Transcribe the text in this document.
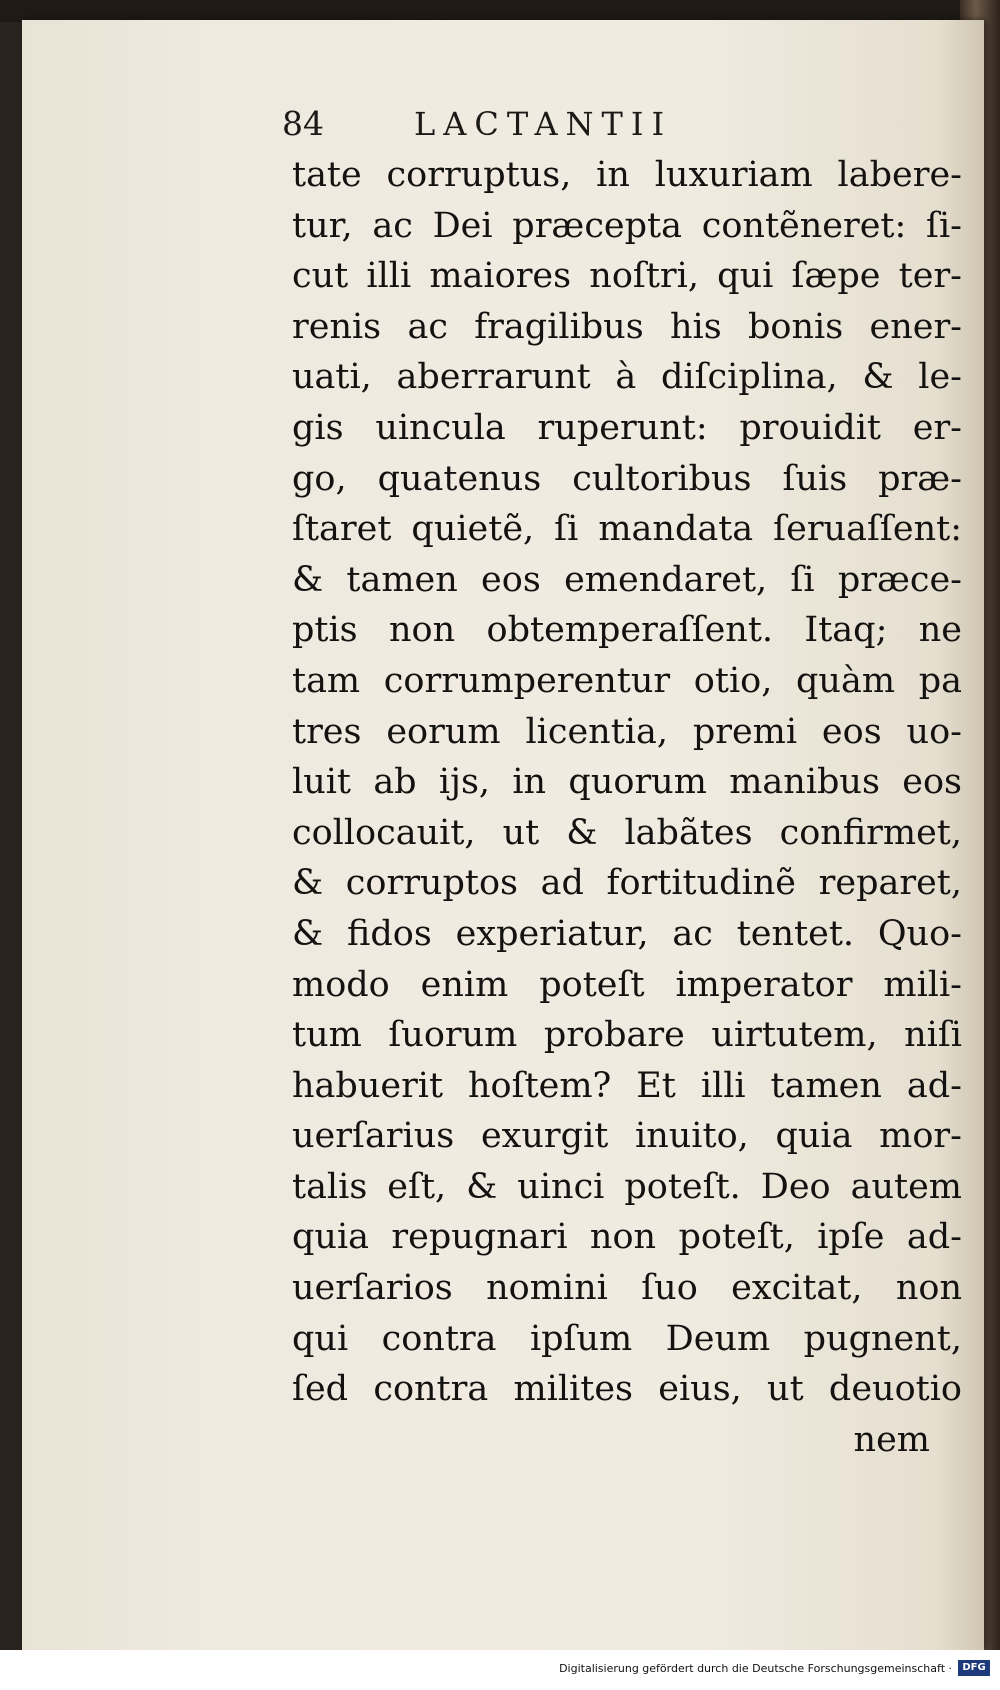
84	LACTANTII
tate corruptus, in luxuriam labere-
tur, ac Dei præcepta contẽneret: ſi-
cut illi maiores noſtri, qui ſæpe ter-
renis ac fragilibus his bonis ener-
uati, aberrarunt à diſciplina, & le-
gis uincula ruperunt: prouidit er-
go, quatenus cultoribus ſuis præ-
ſtaret quietẽ, ſi mandata ſeruaſſent:
& tamen eos emendaret, ſi præce-
ptis non obtemperaſſent. Itaq; ne
tam corrumperentur otio, quàm pa
tres eorum licentia, premi eos uo-
luit ab ijs, in quorum manibus eos
collocauit, ut & labãtes confirmet,
& corruptos ad fortitudinẽ reparet,
& fidos experiatur, ac tentet. Quo-
modo enim poteſt imperator mili-
tum ſuorum probare uirtutem, niſi
habuerit hoſtem? Et illi tamen ad-
uerſarius exurgit inuito, quia mor-
talis eſt, & uinci poteſt. Deo autem
quia repugnari non poteſt, ipſe ad-
uerſarios nomini ſuo excitat, non
qui contra ipſum Deum pugnent,
ſed contra milites eius, ut deuotio
nem
Digitalisierung gefördert durch die Deutsche Forschungsgemeinschaft ·	DFG
